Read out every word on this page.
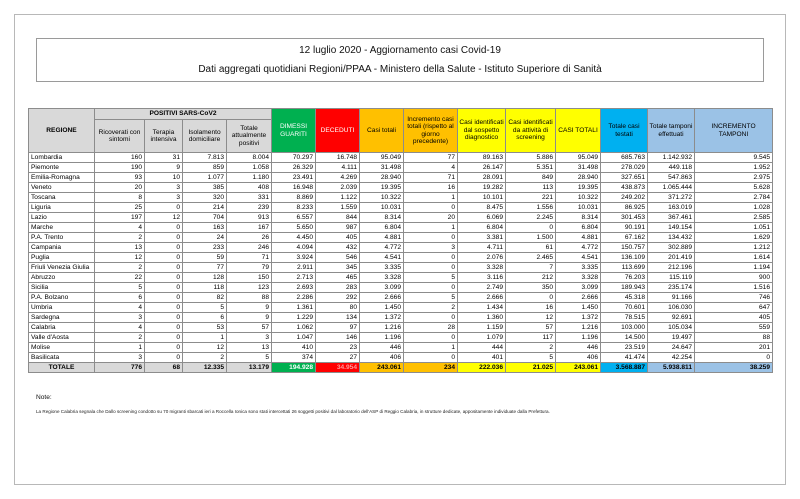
12 luglio 2020 - Aggiornamento casi Covid-19
Dati aggregati quotidiani Regioni/PPAA - Ministero della Salute - Istituto Superiore di Sanità
REGIONE	POSITIVI SARS-CoV2				DIMESSI GUARITI	DECEDUTI	Casi totali	Incremento casi totali (rispetto al giorno precedente)	Casi identificati dal sospetto diagnostico	Casi identificati da attività di screening	CASI TOTALI	Totale casi testati	Totale tamponi effettuati	INCREMENTO TAMPONI
	Ricoverati con sintomi	Terapia intensiva	Isolamento domiciliare	Totale attualmente positivi										
Lombardia	160	31	7.813	8.004	70.297	16.748	95.049	77	89.163	5.886	95.049	685.763	1.142.932	9.545
Piemonte	190	9	859	1.058	26.329	4.111	31.498	4	26.147	5.351	31.498	278.029	449.118	1.952
Emilia-Romagna	93	10	1.077	1.180	23.491	4.269	28.940	71	28.091	849	28.940	327.651	547.863	2.975
Veneto	20	3	385	408	16.948	2.039	19.395	16	19.282	113	19.395	438.873	1.065.444	5.628
Toscana	8	3	320	331	8.869	1.122	10.322	1	10.101	221	10.322	249.202	371.272	2.784
Liguria	25	0	214	239	8.233	1.559	10.031	0	8.475	1.556	10.031	86.925	163.019	1.028
Lazio	197	12	704	913	6.557	844	8.314	20	6.069	2.245	8.314	301.453	367.461	2.585
Marche	4	0	163	167	5.650	987	6.804	1	6.804	0	6.804	90.191	149.154	1.051
P.A. Trento	2	0	24	26	4.450	405	4.881	0	3.381	1.500	4.881	67.162	134.432	1.629
Campania	13	0	233	246	4.094	432	4.772	3	4.711	61	4.772	150.757	302.889	1.212
Puglia	12	0	59	71	3.924	546	4.541	0	2.076	2.465	4.541	136.109	201.419	1.614
Friuli Venezia Giulia	2	0	77	79	2.911	345	3.335	0	3.328	7	3.335	113.699	212.196	1.194
Abruzzo	22	0	128	150	2.713	465	3.328	5	3.116	212	3.328	76.203	115.119	900
Sicilia	5	0	118	123	2.693	283	3.099	0	2.749	350	3.099	189.943	235.174	1.516
P.A. Bolzano	6	0	82	88	2.286	292	2.666	5	2.666	0	2.666	45.318	91.166	746
Umbria	4	0	5	9	1.361	80	1.450	2	1.434	16	1.450	70.601	106.030	647
Sardegna	3	0	6	9	1.229	134	1.372	0	1.360	12	1.372	78.515	92.691	405
Calabria	4	0	53	57	1.062	97	1.216	28	1.159	57	1.216	103.000	105.034	559
Valle d'Aosta	2	0	1	3	1.047	146	1.196	0	1.079	117	1.196	14.500	19.497	88
Molise	1	0	12	13	410	23	446	1	444	2	446	23.519	24.647	201
Basilicata	3	0	2	5	374	27	406	0	401	5	406	41.474	42.254	0
TOTALE	776	68	12.335	13.179	194.928	34.954	243.061	234	222.036	21.025	243.061	3.568.887	5.938.811	38.259
Note:
La Regione Calabria segnala che Dallo screening condotto su 70 migranti sbarcati ieri a Roccella Ionica sono stati intercettati 26 soggetti positivi dal laboratorio dell'ASP di Reggio Calabria, in strutture dedicate, appositamente individuate dalla Prefettura.
